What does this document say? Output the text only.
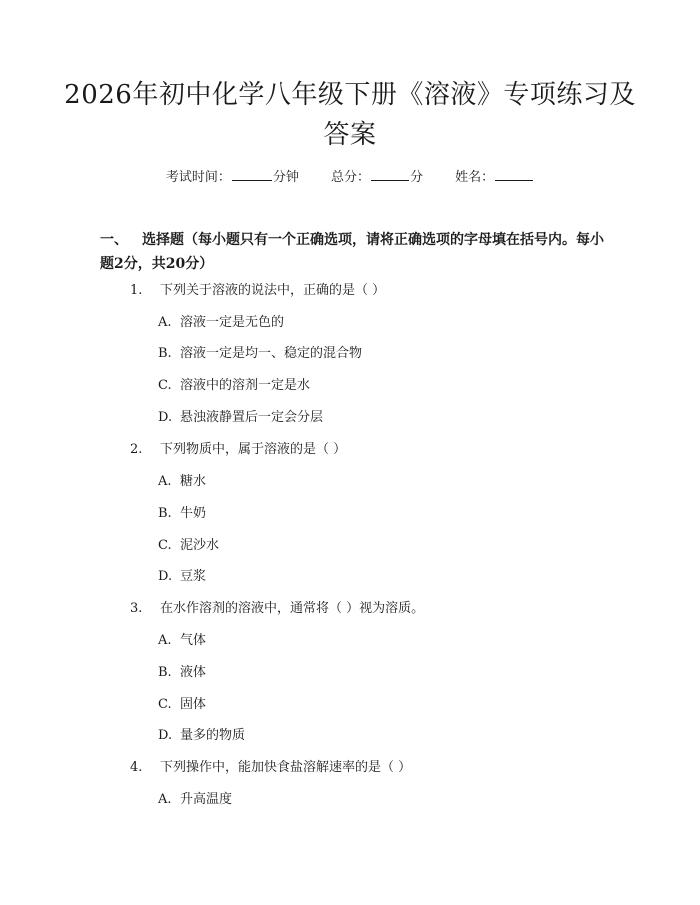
2026年初中化学八年级下册《溶液》专项练习及答案
考试时间：	分钟 总分：	分 姓名：
一、 选择题（每小题只有一个正确选项，请将正确选项的字母填在括号内。每小题2分，共20分）
1. 下列关于溶液的说法中，正确的是（ ）
A. 溶液一定是无色的
B. 溶液一定是均一、稳定的混合物
C. 溶液中的溶剂一定是水
D. 悬浊液静置后一定会分层
2. 下列物质中，属于溶液的是（ ）
A. 糖水
B. 牛奶
C. 泥沙水
D. 豆浆
3. 在水作溶剂的溶液中，通常将（ ）视为溶质。
A. 气体
B. 液体
C. 固体
D. 量多的物质
4. 下列操作中，能加快食盐溶解速率的是（ ）
A. 升高温度
